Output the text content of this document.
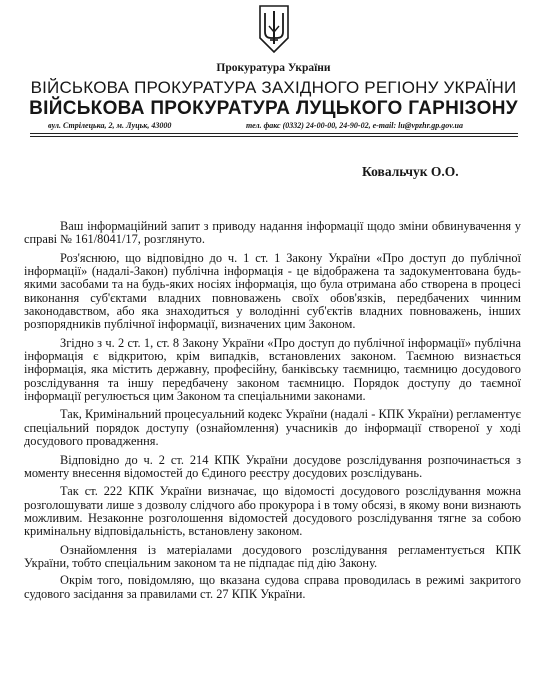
Прокуратура України
ВІЙСЬКОВА ПРОКУРАТУРА ЗАХІДНОГО РЕГІОНУ УКРАЇНИ
ВІЙСЬКОВА ПРОКУРАТУРА ЛУЦЬКОГО ГАРНІЗОНУ
вул. Стрілецька, 2, м. Луцьк, 43000	тел. факс (0332) 24-00-00, 24-90-02, e-mail: lu@vpzhr.gp.gov.ua
Ковальчук О.О.

Ваш інформаційний запит з приводу надання інформації щодо зміни обвинувачення у справі № 161/8041/17, розглянуто.

Роз'яснюю, що відповідно до ч. 1 ст. 1 Закону України «Про доступ до публічної інформації» (надалі-Закон) публічна інформація - це відображена та задокументована будь-якими засобами та на будь-яких носіях інформація, що була отримана або створена в процесі виконання суб'єктами владних повноважень своїх обов'язків, передбачених чинним законодавством, або яка знаходиться у володінні суб'єктів владних повноважень, інших розпорядників публічної інформації, визначених цим Законом.

Згідно з ч. 2 ст. 1, ст. 8 Закону України «Про доступ до публічної інформації» публічна інформація є відкритою, крім випадків, встановлених законом. Таємною визнається інформація, яка містить державну, професійну, банківську таємницю, таємницю досудового розслідування та іншу передбачену законом таємницю. Порядок доступу до таємної інформації регулюється цим Законом та спеціальними законами.

Так, Кримінальний процесуальний кодекс України (надалі - КПК України) регламентує спеціальний порядок доступу (ознайомлення) учасників до інформації створеної у ході досудового провадження.

Відповідно до ч. 2 ст. 214 КПК України досудове розслідування розпочинається з моменту внесення відомостей до Єдиного реєстру досудових розслідувань.

Так ст. 222 КПК України визначає, що відомості досудового розслідування можна розголошувати лише з дозволу слідчого або прокурора і в тому обсязі, в якому вони визнають можливим. Незаконне розголошення відомостей досудового розслідування тягне за собою кримінальну відповідальність, встановлену законом.

Ознайомлення із матеріалами досудового розслідування регламентується КПК України, тобто спеціальним законом та не підпадає під дію Закону.

Окрім того, повідомляю, що вказана судова справа проводилась в режимі закритого судового засідання за правилами ст. 27 КПК України.
